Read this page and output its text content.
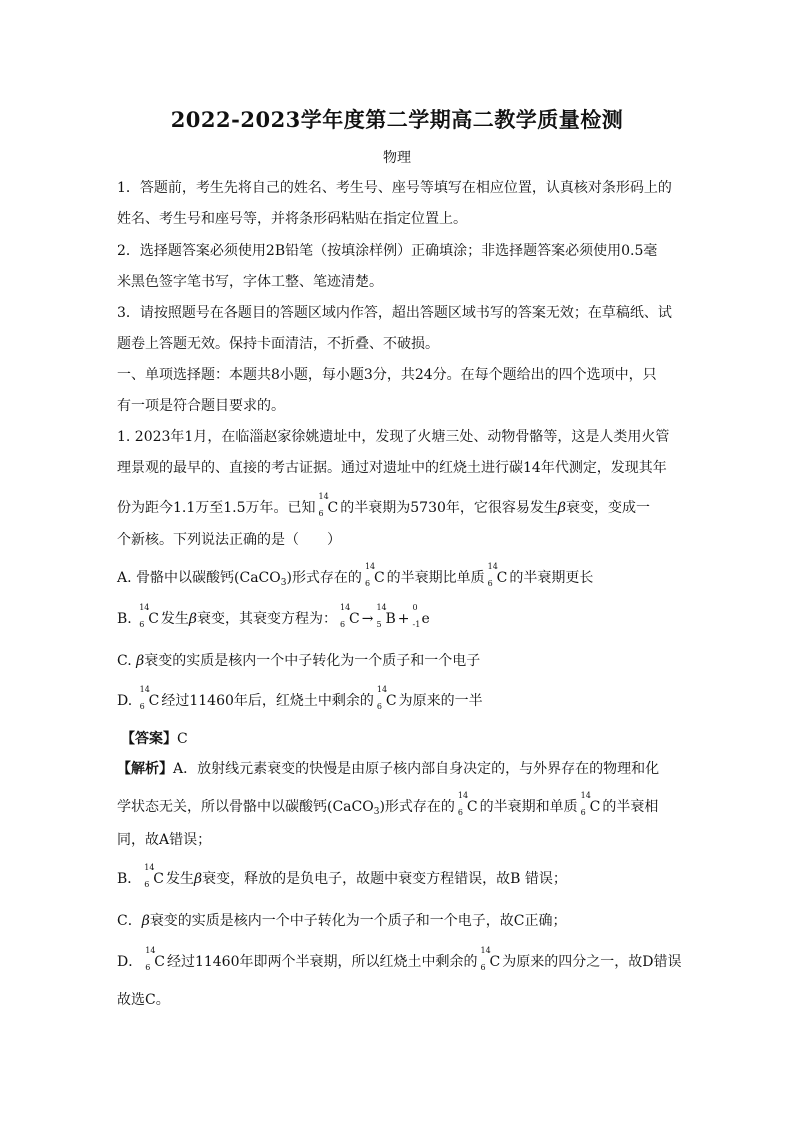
2022-2023学年度第二学期高二教学质量检测
物理
1．答题前，考生先将自己的姓名、考生号、座号等填写在相应位置，认真核对条形码上的
姓名、考生号和座号等，并将条形码粘贴在指定位置上。
2．选择题答案必须使用2B铅笔（按填涂样例）正确填涂；非选择题答案必须使用0.5毫
米黑色签字笔书写，字体工整、笔迹清楚。
3．请按照题号在各题目的答题区域内作答，超出答题区域书写的答案无效；在草稿纸、试
题卷上答题无效。保持卡面清洁，不折叠、不破损。
一、单项选择题：本题共8小题，每小题3分，共24分。在每个题给出的四个选项中，只
有一项是符合题目要求的。
1. 2023年1月，在临淄赵家徐姚遗址中，发现了火塘三处、动物骨骼等，这是人类用火管
理景观的最早的、直接的考古证据。通过对遗址中的红烧土进行碳14年代测定，发现其年
份为距今1.1万至1.5万年。已知
14
6 C 的半衰期为5730年，它很容易发生β衰变，变成一
个新核。下列说法正确的是（　　）
A. 骨骼中以碳酸钙(CaCO$_3$)形式存在的
14
6 C 的半衰期比单质
14
6 C 的半衰期更长
B.
14
6 C 发生β衰变，其衰变方程为：
14
6 C →
14
5 B +
0
-1 e
C. β衰变的实质是核内一个中子转化为一个质子和一个电子
D.
14
6 C 经过11460年后，红烧土中剩余的
14
6 C 为原来的一半
【答案】C
【解析】A．放射线元素衰变的快慢是由原子核内部自身决定的，与外界存在的物理和化
学状态无关，所以骨骼中以碳酸钙(CaCO$_3$)形式存在的
14
6 C 的半衰期和单质
14
6 C 的半衰相
同，故A错误；
B．
14
6 C 发生β衰变，释放的是负电子，故题中衰变方程错误，故B 错误；
C．β衰变的实质是核内一个中子转化为一个质子和一个电子，故C正确；
D．
14
6 C 经过11460年即两个半衰期，所以红烧土中剩余的
14
6 C 为原来的四分之一，故D错误
故选C。
